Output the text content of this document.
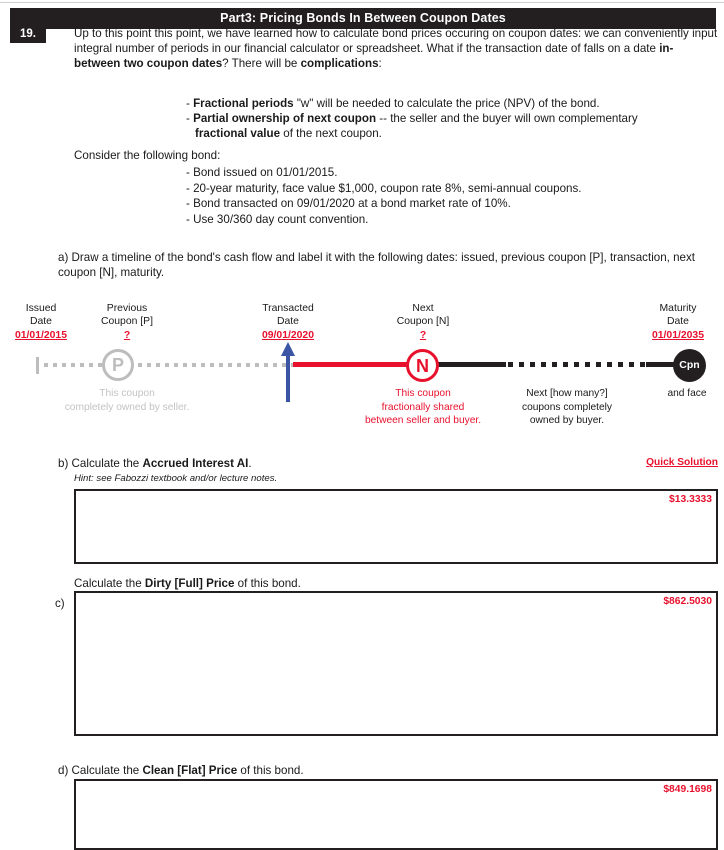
Part3: Pricing Bonds In Between Coupon Dates
19.	Up to this point this point, we have learned how to calculate bond prices occuring on coupon dates: we can conveniently input integral number of periods in our financial calculator or spreadsheet. What if the transaction date of falls on a date in-between two coupon dates? There will be complications:
- Fractional periods "w" will be needed to calculate the price (NPV) of the bond.
- Partial ownership of next coupon -- the seller and the buyer will own complementary
fractional value of the next coupon.
Consider the following bond:
- Bond issued on 01/01/2015.
- 20-year maturity, face value $1,000, coupon rate 8%, semi-annual coupons.
- Bond transacted on 09/01/2020 at a bond market rate of 10%.
- Use 30/360 day count convention.
a) Draw a timeline of the bond's cash flow and label it with the following dates: issued, previous coupon [P], transaction, next coupon [N], maturity.
Issued
Date
01/01/2015
Previous
Coupon [P]
?
Transacted
Date
09/01/2020
Next
Coupon [N]
?
Maturity
Date
01/01/2035
P	N	Cpn
This coupon
completely owned by seller.
This coupon
fractionally shared
between seller and buyer.
Next [how many?]
coupons completely
owned by buyer.
and face
b) Calculate the Accrued Interest AI.	Quick Solution
Hint: see Fabozzi textbook and/or lecture notes.
$13.3333
Calculate the Dirty [Full] Price of this bond.
c)	$862.5030
d) Calculate the Clean [Flat] Price of this bond.
$849.1698
